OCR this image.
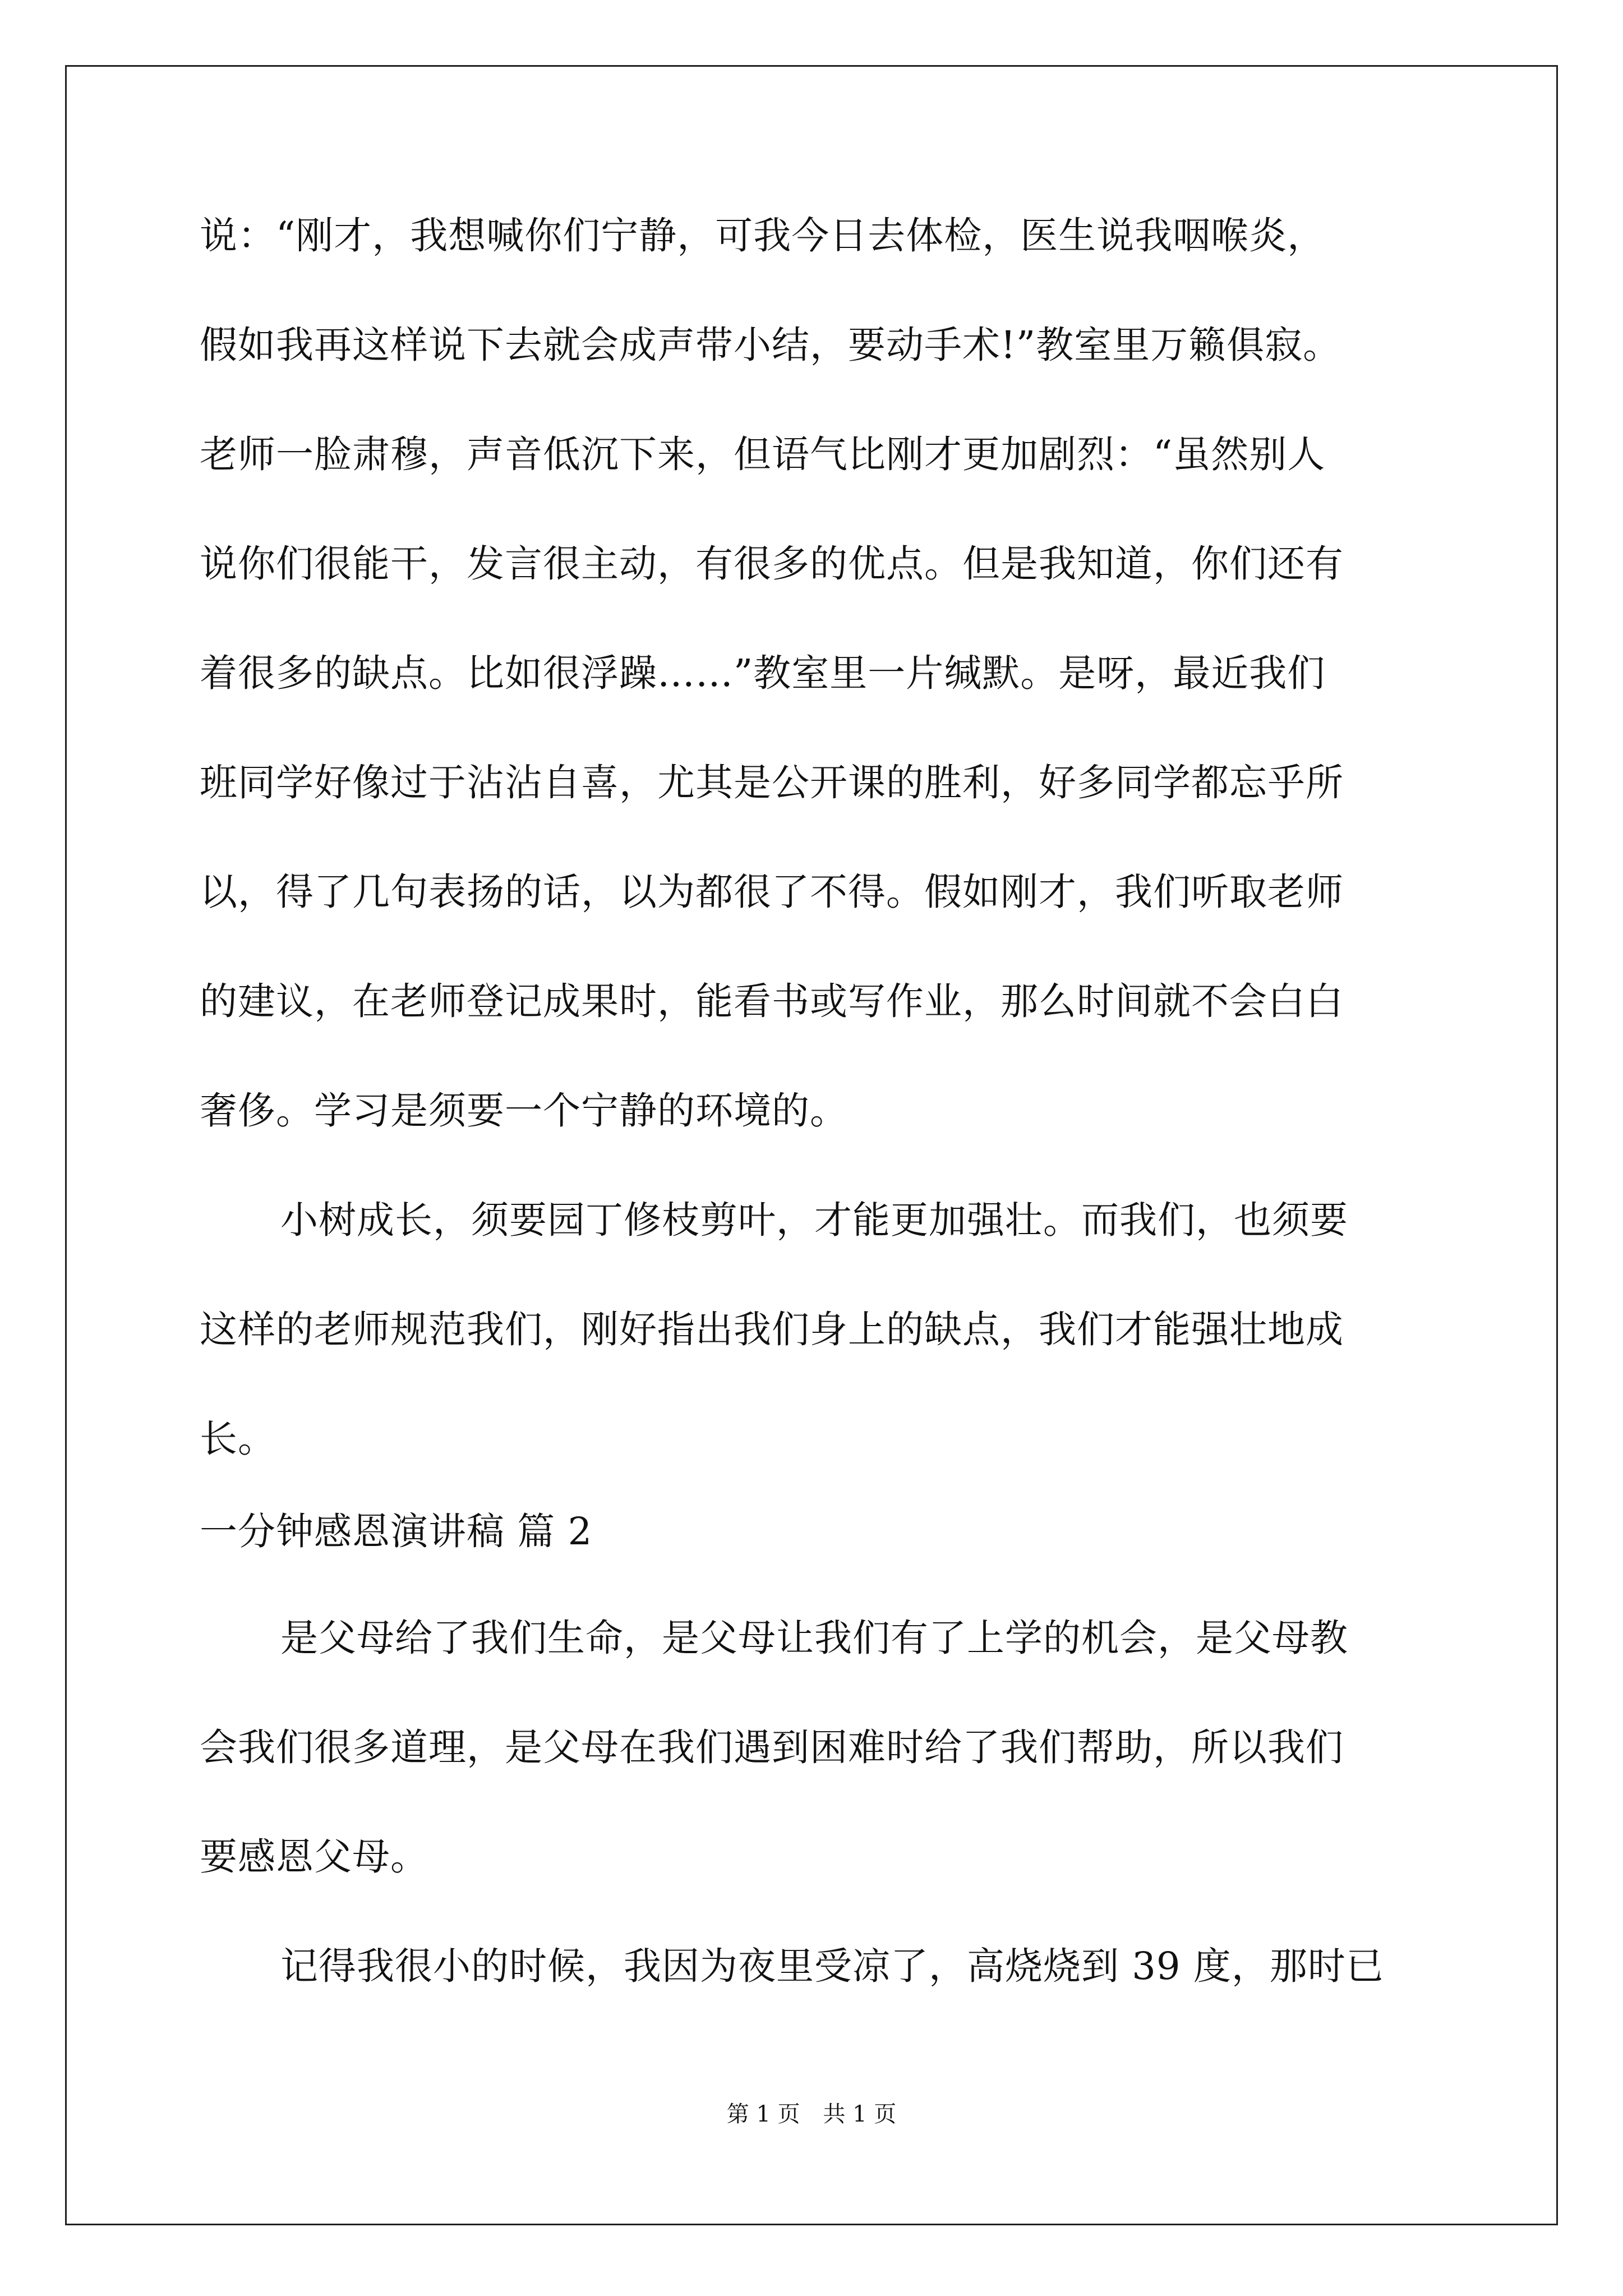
说：“刚才，我想喊你们宁静，可我今日去体检，医生说我咽喉炎，
假如我再这样说下去就会成声带小结，要动手术!”教室里万籁俱寂。
老师一脸肃穆，声音低沉下来，但语气比刚才更加剧烈：“虽然别人
说你们很能干，发言很主动，有很多的优点。但是我知道，你们还有
着很多的缺点。比如很浮躁……”教室里一片缄默。是呀，最近我们
班同学好像过于沾沾自喜，尤其是公开课的胜利，好多同学都忘乎所
以，得了几句表扬的话，以为都很了不得。假如刚才，我们听取老师
的建议，在老师登记成果时，能看书或写作业，那么时间就不会白白
奢侈。学习是须要一个宁静的环境的。
小树成长，须要园丁修枝剪叶，才能更加强壮。而我们，也须要
这样的老师规范我们，刚好指出我们身上的缺点，我们才能强壮地成
长。
一分钟感恩演讲稿 篇 2
是父母给了我们生命，是父母让我们有了上学的机会，是父母教
会我们很多道理，是父母在我们遇到困难时给了我们帮助，所以我们
要感恩父母。
记得我很小的时候，我因为夜里受凉了，高烧烧到 39 度，那时已
第 1 页 共 1 页
